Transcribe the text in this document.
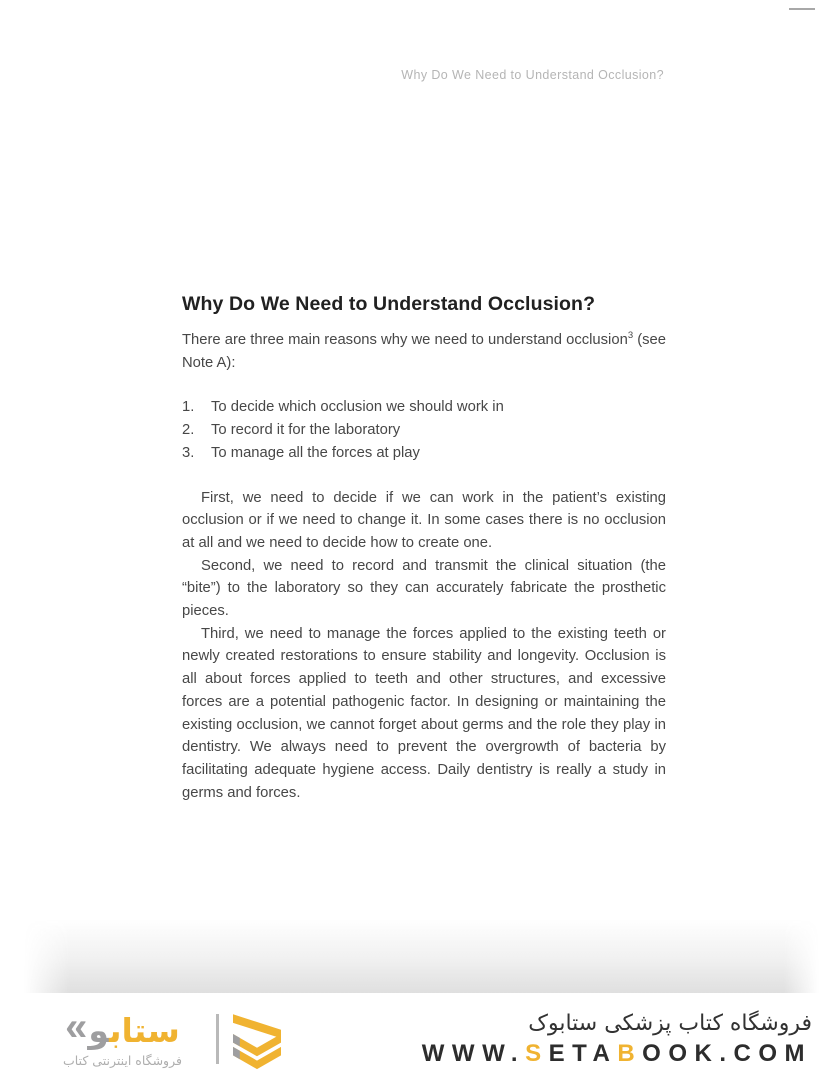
Why Do We Need to Understand Occlusion?
Why Do We Need to Understand Occlusion?

There are three main reasons why we need to understand occlusion$^3$ (see Note A):

1.	To decide which occlusion we should work in
2.	To record it for the laboratory
3.	To manage all the forces at play

First, we need to decide if we can work in the patient’s existing occlusion or if we need to change it. In some cases there is no occlusion at all and we need to decide how to create one.

Second, we need to record and transmit the clinical situation (the “bite”) to the laboratory so they can accurately fabricate the prosthetic pieces.

Third, we need to manage the forces applied to the existing teeth or newly created restorations to ensure stability and longevity. Occlusion is all about forces applied to teeth and other structures, and excessive forces are a potential pathogenic factor. In designing or maintaining the existing occlusion, we cannot forget about germs and the role they play in dentistry. We always need to prevent the overgrowth of bacteria by facilitating adequate hygiene access. Daily dentistry is really a study in germs and forces.

« ستابو
فروشگاه اینترنتی کتاب
فروشگاه کتاب پزشکی ستابوک
WWW.SETABOOK.COM
